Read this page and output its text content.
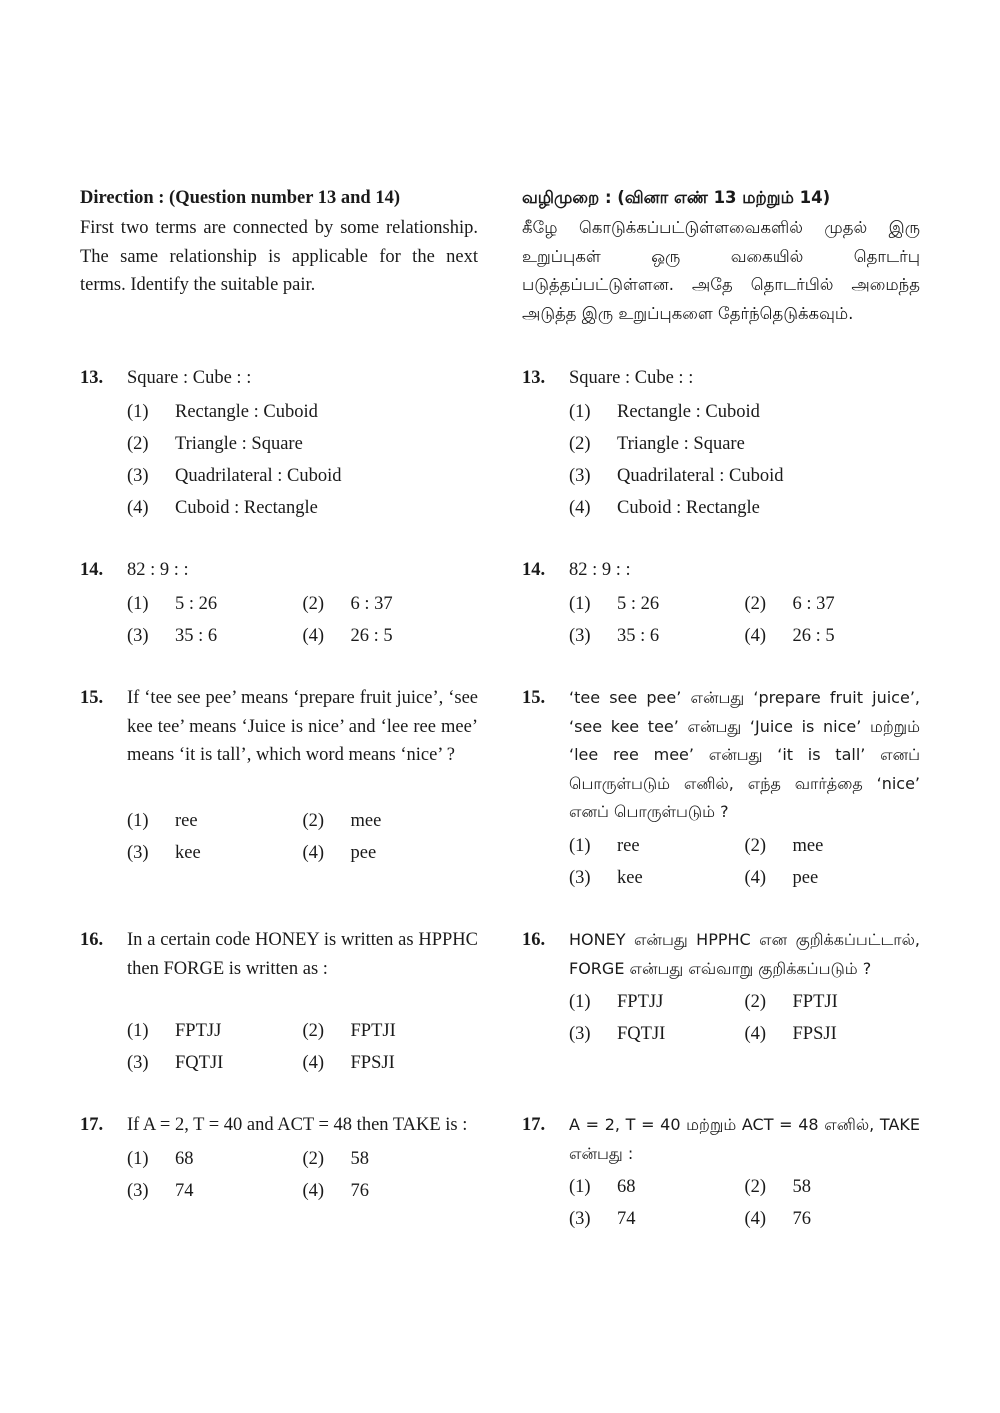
Direction : (Question number 13 and 14)
First two terms are connected by some relationship. The same relationship is applicable for the next terms. Identify the suitable pair.
13.	Square : Cube : :
(1)	Rectangle : Cuboid
(2)	Triangle : Square
(3)	Quadrilateral : Cuboid
(4)	Cuboid : Rectangle
14.	82 : 9 : :
(1)	5 : 26	(2)	6 : 37
(3)	35 : 6	(4)	26 : 5
15.	If ‘tee see pee’ means ‘prepare fruit juice’, ‘see kee tee’ means ‘Juice is nice’ and ‘lee ree mee’ means ‘it is tall’, which word means ‘nice’ ?
(1)	ree	(2)	mee
(3)	kee	(4)	pee
16.	In a certain code HONEY is written as HPPHC then FORGE is written as :
(1)	FPTJJ	(2)	FPTJI
(3)	FQTJI	(4)	FPSJI
17.	If A = 2, T = 40 and ACT = 48 then TAKE is :
(1)	68	(2)	58
(3)	74	(4)	76
வழிமுறை : (வினா எண் 13 மற்றும் 14)
கீழே கொடுக்கப்பட்டுள்ளவைகளில் முதல் இரு உறுப்புகள் ஒரு வகையில் தொடர்பு படுத்தப்பட்டுள்ளன. அதே தொடர்பில் அமைந்த அடுத்த இரு உறுப்புகளை தேர்ந்தெடுக்கவும்.
13.	Square : Cube : :
(1)	Rectangle : Cuboid
(2)	Triangle : Square
(3)	Quadrilateral : Cuboid
(4)	Cuboid : Rectangle
14.	82 : 9 : :
(1)	5 : 26	(2)	6 : 37
(3)	35 : 6	(4)	26 : 5
15.	‘tee see pee’ என்பது ‘prepare fruit juice’, ‘see kee tee’ என்பது ‘Juice is nice’ மற்றும் ‘lee ree mee’ என்பது ‘it is tall’ எனப் பொருள்படும் எனில், எந்த வார்த்தை ‘nice’ எனப் பொருள்படும் ?
(1)	ree	(2)	mee
(3)	kee	(4)	pee
16.	HONEY என்பது HPPHC என குறிக்கப்பட்டால், FORGE என்பது எவ்வாறு குறிக்கப்படும் ?
(1)	FPTJJ	(2)	FPTJI
(3)	FQTJI	(4)	FPSJI
17.	A = 2, T = 40 மற்றும் ACT = 48 எனில், TAKE என்பது :
(1)	68	(2)	58
(3)	74	(4)	76
